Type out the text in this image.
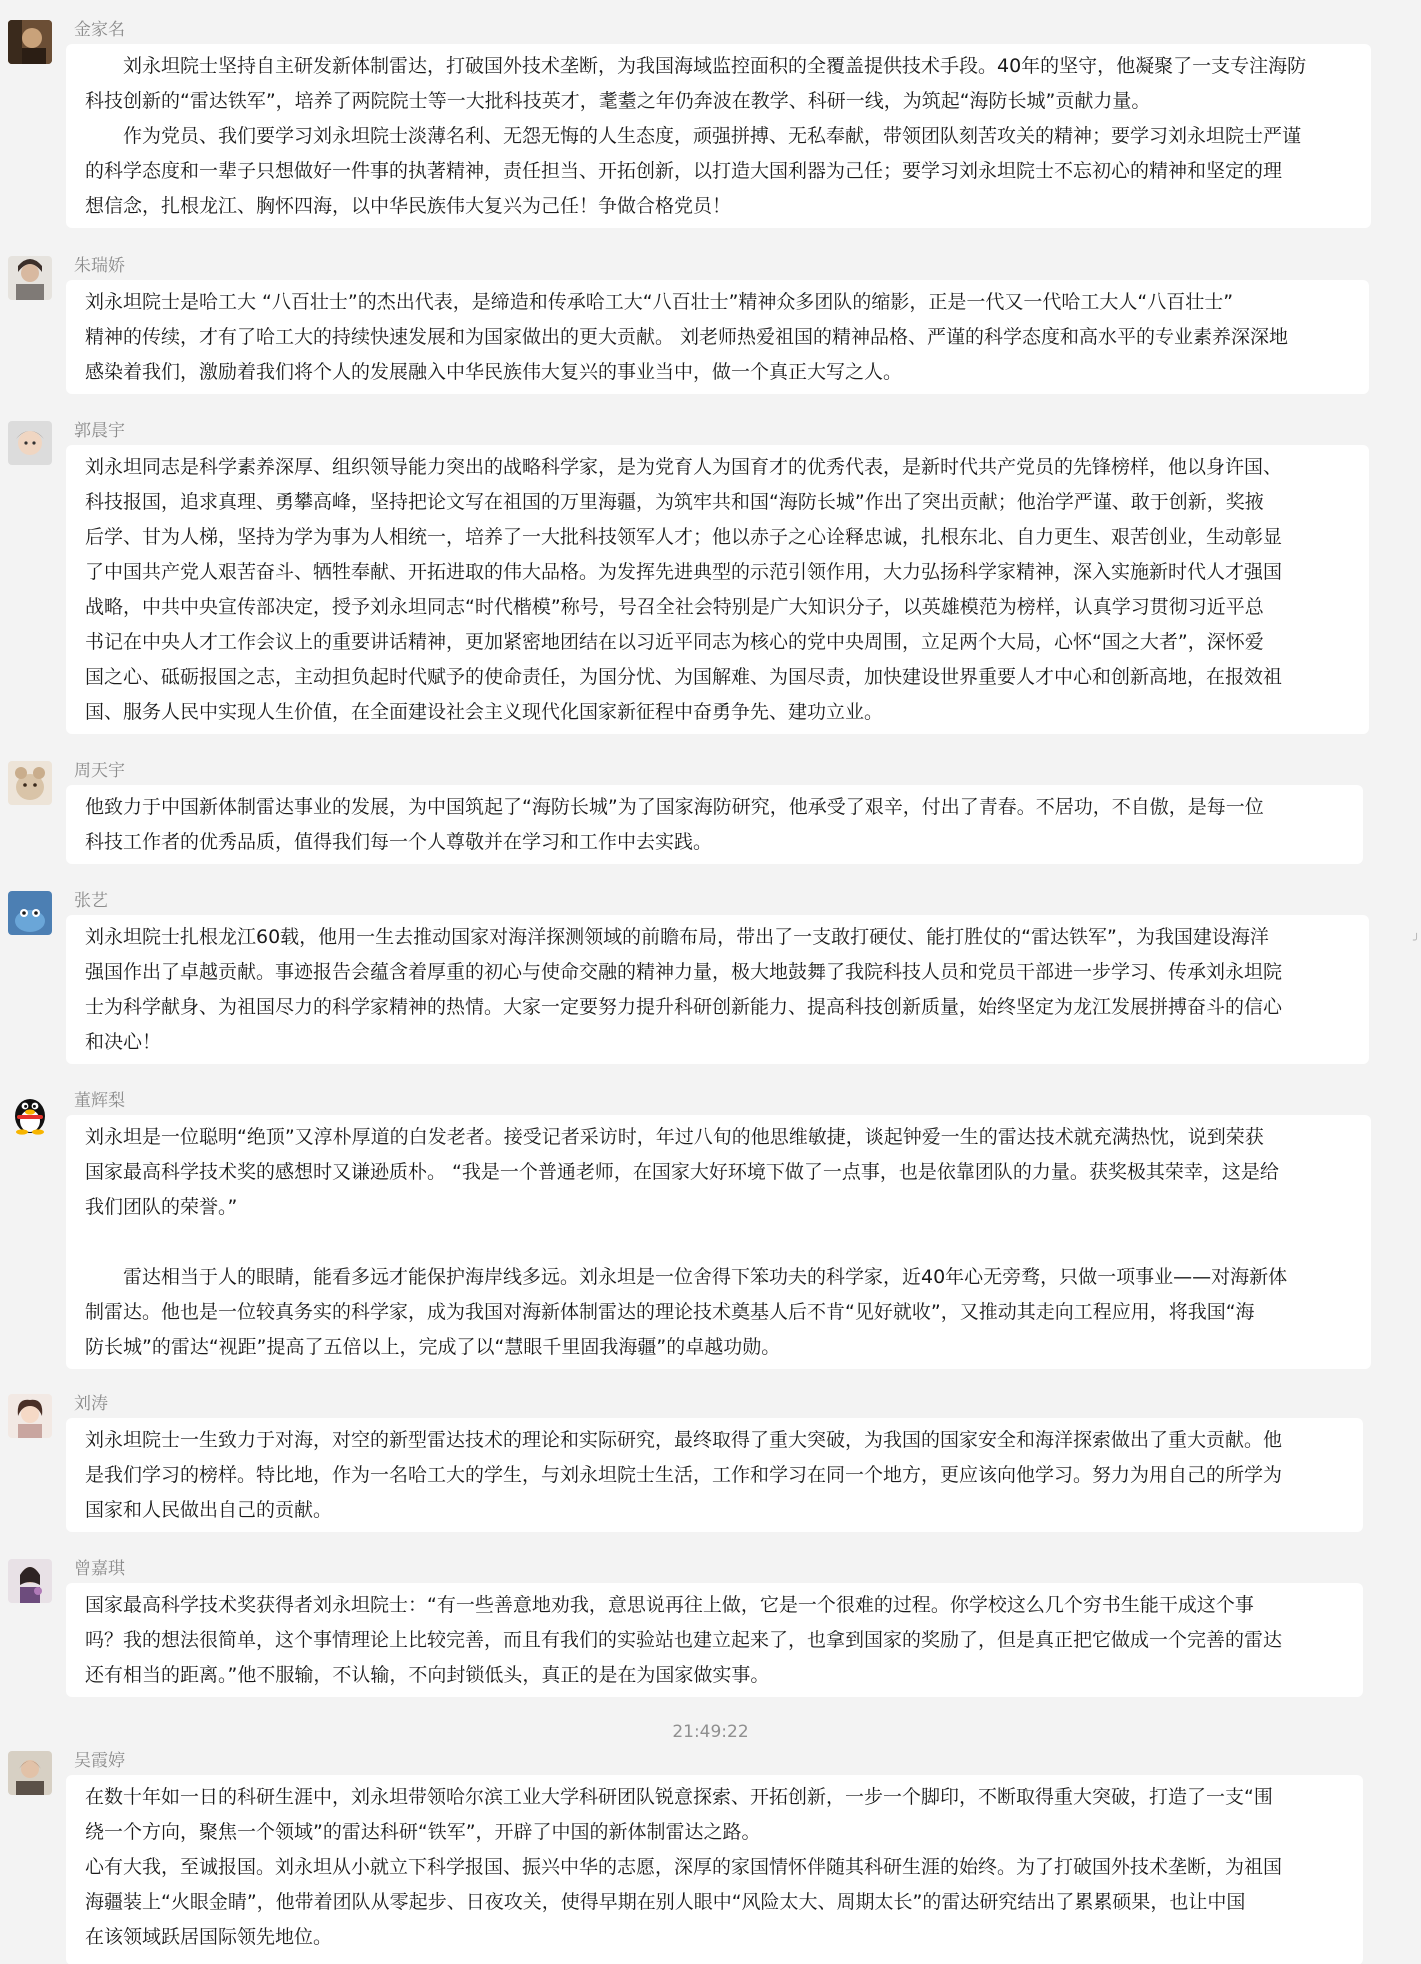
金家名

　　刘永坦院士坚持自主研发新体制雷达，打破国外技术垄断，为我国海域监控面积的全覆盖提供技术手段。40年的坚守，他凝聚了一支专注海防

科技创新的“雷达铁军”，培养了两院院士等一大批科技英才，耄耋之年仍奔波在教学、科研一线，为筑起“海防长城”贡献力量。

　　作为党员、我们要学习刘永坦院士淡薄名利、无怨无悔的人生态度，顽强拼搏、无私奉献，带领团队刻苦攻关的精神；要学习刘永坦院士严谨

的科学态度和一辈子只想做好一件事的执著精神，责任担当、开拓创新，以打造大国利器为己任；要学习刘永坦院士不忘初心的精神和坚定的理

想信念，扎根龙江、胸怀四海，以中华民族伟大复兴为己任！争做合格党员！

朱瑞娇

刘永坦院士是哈工大 “八百壮士”的杰出代表，是缔造和传承哈工大“八百壮士”精神众多团队的缩影，正是一代又一代哈工大人“八百壮士”

精神的传续，才有了哈工大的持续快速发展和为国家做出的更大贡献。 刘老师热爱祖国的精神品格、严谨的科学态度和高水平的专业素养深深地

感染着我们，激励着我们将个人的发展融入中华民族伟大复兴的事业当中，做一个真正大写之人。

郭晨宇

刘永坦同志是科学素养深厚、组织领导能力突出的战略科学家，是为党育人为国育才的优秀代表，是新时代共产党员的先锋榜样，他以身许国、

科技报国，追求真理、勇攀高峰，坚持把论文写在祖国的万里海疆，为筑牢共和国“海防长城”作出了突出贡献；他治学严谨、敢于创新，奖掖

后学、甘为人梯，坚持为学为事为人相统一，培养了一大批科技领军人才；他以赤子之心诠释忠诚，扎根东北、自力更生、艰苦创业，生动彰显

了中国共产党人艰苦奋斗、牺牲奉献、开拓进取的伟大品格。为发挥先进典型的示范引领作用，大力弘扬科学家精神，深入实施新时代人才强国

战略，中共中央宣传部决定，授予刘永坦同志“时代楷模”称号，号召全社会特别是广大知识分子，以英雄模范为榜样，认真学习贯彻习近平总

书记在中央人才工作会议上的重要讲话精神，更加紧密地团结在以习近平同志为核心的党中央周围，立足两个大局，心怀“国之大者”，深怀爱

国之心、砥砺报国之志，主动担负起时代赋予的使命责任，为国分忧、为国解难、为国尽责，加快建设世界重要人才中心和创新高地，在报效祖

国、服务人民中实现人生价值，在全面建设社会主义现代化国家新征程中奋勇争先、建功立业。

周天宇

他致力于中国新体制雷达事业的发展，为中国筑起了“海防长城”为了国家海防研究，他承受了艰辛，付出了青春。不居功，不自傲，是每一位

科技工作者的优秀品质，值得我们每一个人尊敬并在学习和工作中去实践。

张艺

刘永坦院士扎根龙江60载，他用一生去推动国家对海洋探测领域的前瞻布局，带出了一支敢打硬仗、能打胜仗的“雷达铁军”，为我国建设海洋

强国作出了卓越贡献。事迹报告会蕴含着厚重的初心与使命交融的精神力量，极大地鼓舞了我院科技人员和党员干部进一步学习、传承刘永坦院

士为科学献身、为祖国尽力的科学家精神的热情。大家一定要努力提升科研创新能力、提高科技创新质量，始终坚定为龙江发展拼搏奋斗的信心

和决心！

董辉梨

刘永坦是一位聪明“绝顶”又淳朴厚道的白发老者。接受记者采访时，年过八旬的他思维敏捷，谈起钟爱一生的雷达技术就充满热忱，说到荣获

国家最高科学技术奖的感想时又谦逊质朴。 “我是一个普通老师，在国家大好环境下做了一点事，也是依靠团队的力量。获奖极其荣幸，这是给

我们团队的荣誉。”

　　雷达相当于人的眼睛，能看多远才能保护海岸线多远。刘永坦是一位舍得下笨功夫的科学家，近40年心无旁骛，只做一项事业——对海新体

制雷达。他也是一位较真务实的科学家，成为我国对海新体制雷达的理论技术奠基人后不肯“见好就收”，又推动其走向工程应用，将我国“海

防长城”的雷达“视距”提高了五倍以上，完成了以“慧眼千里固我海疆”的卓越功勋。

刘涛

刘永坦院士一生致力于对海，对空的新型雷达技术的理论和实际研究，最终取得了重大突破，为我国的国家安全和海洋探索做出了重大贡献。他

是我们学习的榜样。特比地，作为一名哈工大的学生，与刘永坦院士生活，工作和学习在同一个地方，更应该向他学习。努力为用自己的所学为

国家和人民做出自己的贡献。

曾嘉琪

国家最高科学技术奖获得者刘永坦院士：“有一些善意地劝我，意思说再往上做，它是一个很难的过程。你学校这么几个穷书生能干成这个事

吗？我的想法很简单，这个事情理论上比较完善，而且有我们的实验站也建立起来了，也拿到国家的奖励了，但是真正把它做成一个完善的雷达

还有相当的距离。”他不服输，不认输，不向封锁低头，真正的是在为国家做实事。

21:49:22
吴霞婷

在数十年如一日的科研生涯中，刘永坦带领哈尔滨工业大学科研团队锐意探索、开拓创新，一步一个脚印，不断取得重大突破，打造了一支“围

绕一个方向，聚焦一个领域”的雷达科研“铁军”，开辟了中国的新体制雷达之路。

心有大我，至诚报国。刘永坦从小就立下科学报国、振兴中华的志愿，深厚的家国情怀伴随其科研生涯的始终。为了打破国外技术垄断，为祖国

海疆装上“火眼金睛”，他带着团队从零起步、日夜攻关，使得早期在别人眼中“风险太大、周期太长”的雷达研究结出了累累硕果，也让中国

在该领域跃居国际领先地位。

╯
